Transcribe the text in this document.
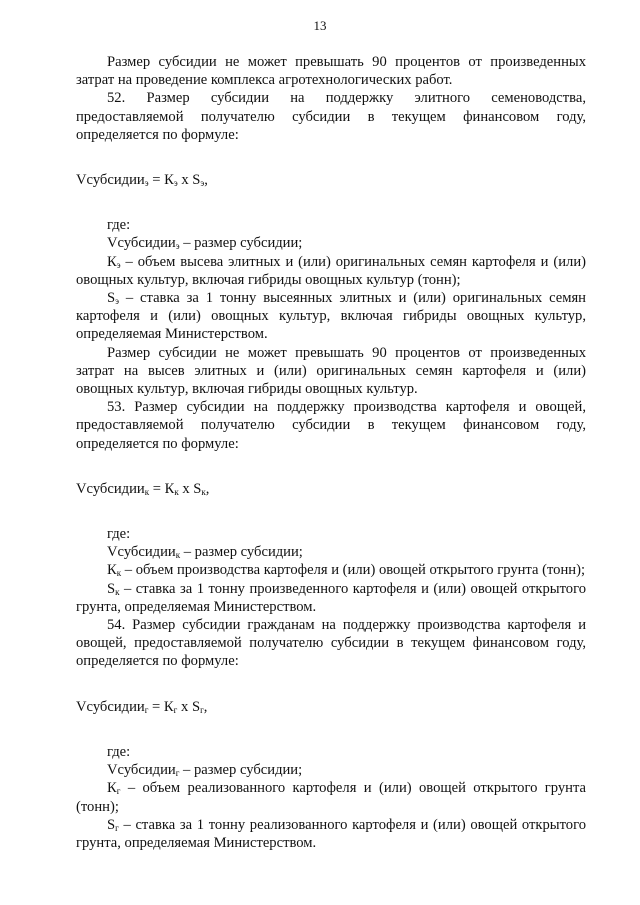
13

Размер субсидии не может превышать 90 процентов от произведенных затрат на проведение комплекса агротехнологических работ.

52. Размер субсидии на поддержку элитного семеноводства, предоставляемой получателю субсидии в текущем финансовом году, определяется по формуле:

Vсубсидии$_э$ = $К_э$ x $S_э$,

где:

Vсубсидии$_э$ – размер субсидии;

$К_э$ – объем высева элитных и (или) оригинальных семян картофеля и (или) овощных культур, включая гибриды овощных культур (тонн);

$S_э$ – ставка за 1 тонну высеянных элитных и (или) оригинальных семян картофеля и (или) овощных культур, включая гибриды овощных культур, определяемая Министерством.

Размер субсидии не может превышать 90 процентов от произведенных затрат на высев элитных и (или) оригинальных семян картофеля и (или) овощных культур, включая гибриды овощных культур.

53. Размер субсидии на поддержку производства картофеля и овощей, предоставляемой получателю субсидии в текущем финансовом году, определяется по формуле:

Vсубсидии$_к$ = $К_к$ x $S_к$,

где:

Vсубсидии$_к$ – размер субсидии;

$К_к$ – объем производства картофеля и (или) овощей открытого грунта (тонн);

$S_к$ – ставка за 1 тонну произведенного картофеля и (или) овощей открытого грунта, определяемая Министерством.

54. Размер субсидии гражданам на поддержку производства картофеля и овощей, предоставляемой получателю субсидии в текущем финансовом году, определяется по формуле:

Vсубсидии$_г$ = $К_г$ x $S_г$,

где:

Vсубсидии$_г$ – размер субсидии;

$К_г$ – объем реализованного картофеля и (или) овощей открытого грунта (тонн);

$S_г$ – ставка за 1 тонну реализованного картофеля и (или) овощей открытого грунта, определяемая Министерством.
